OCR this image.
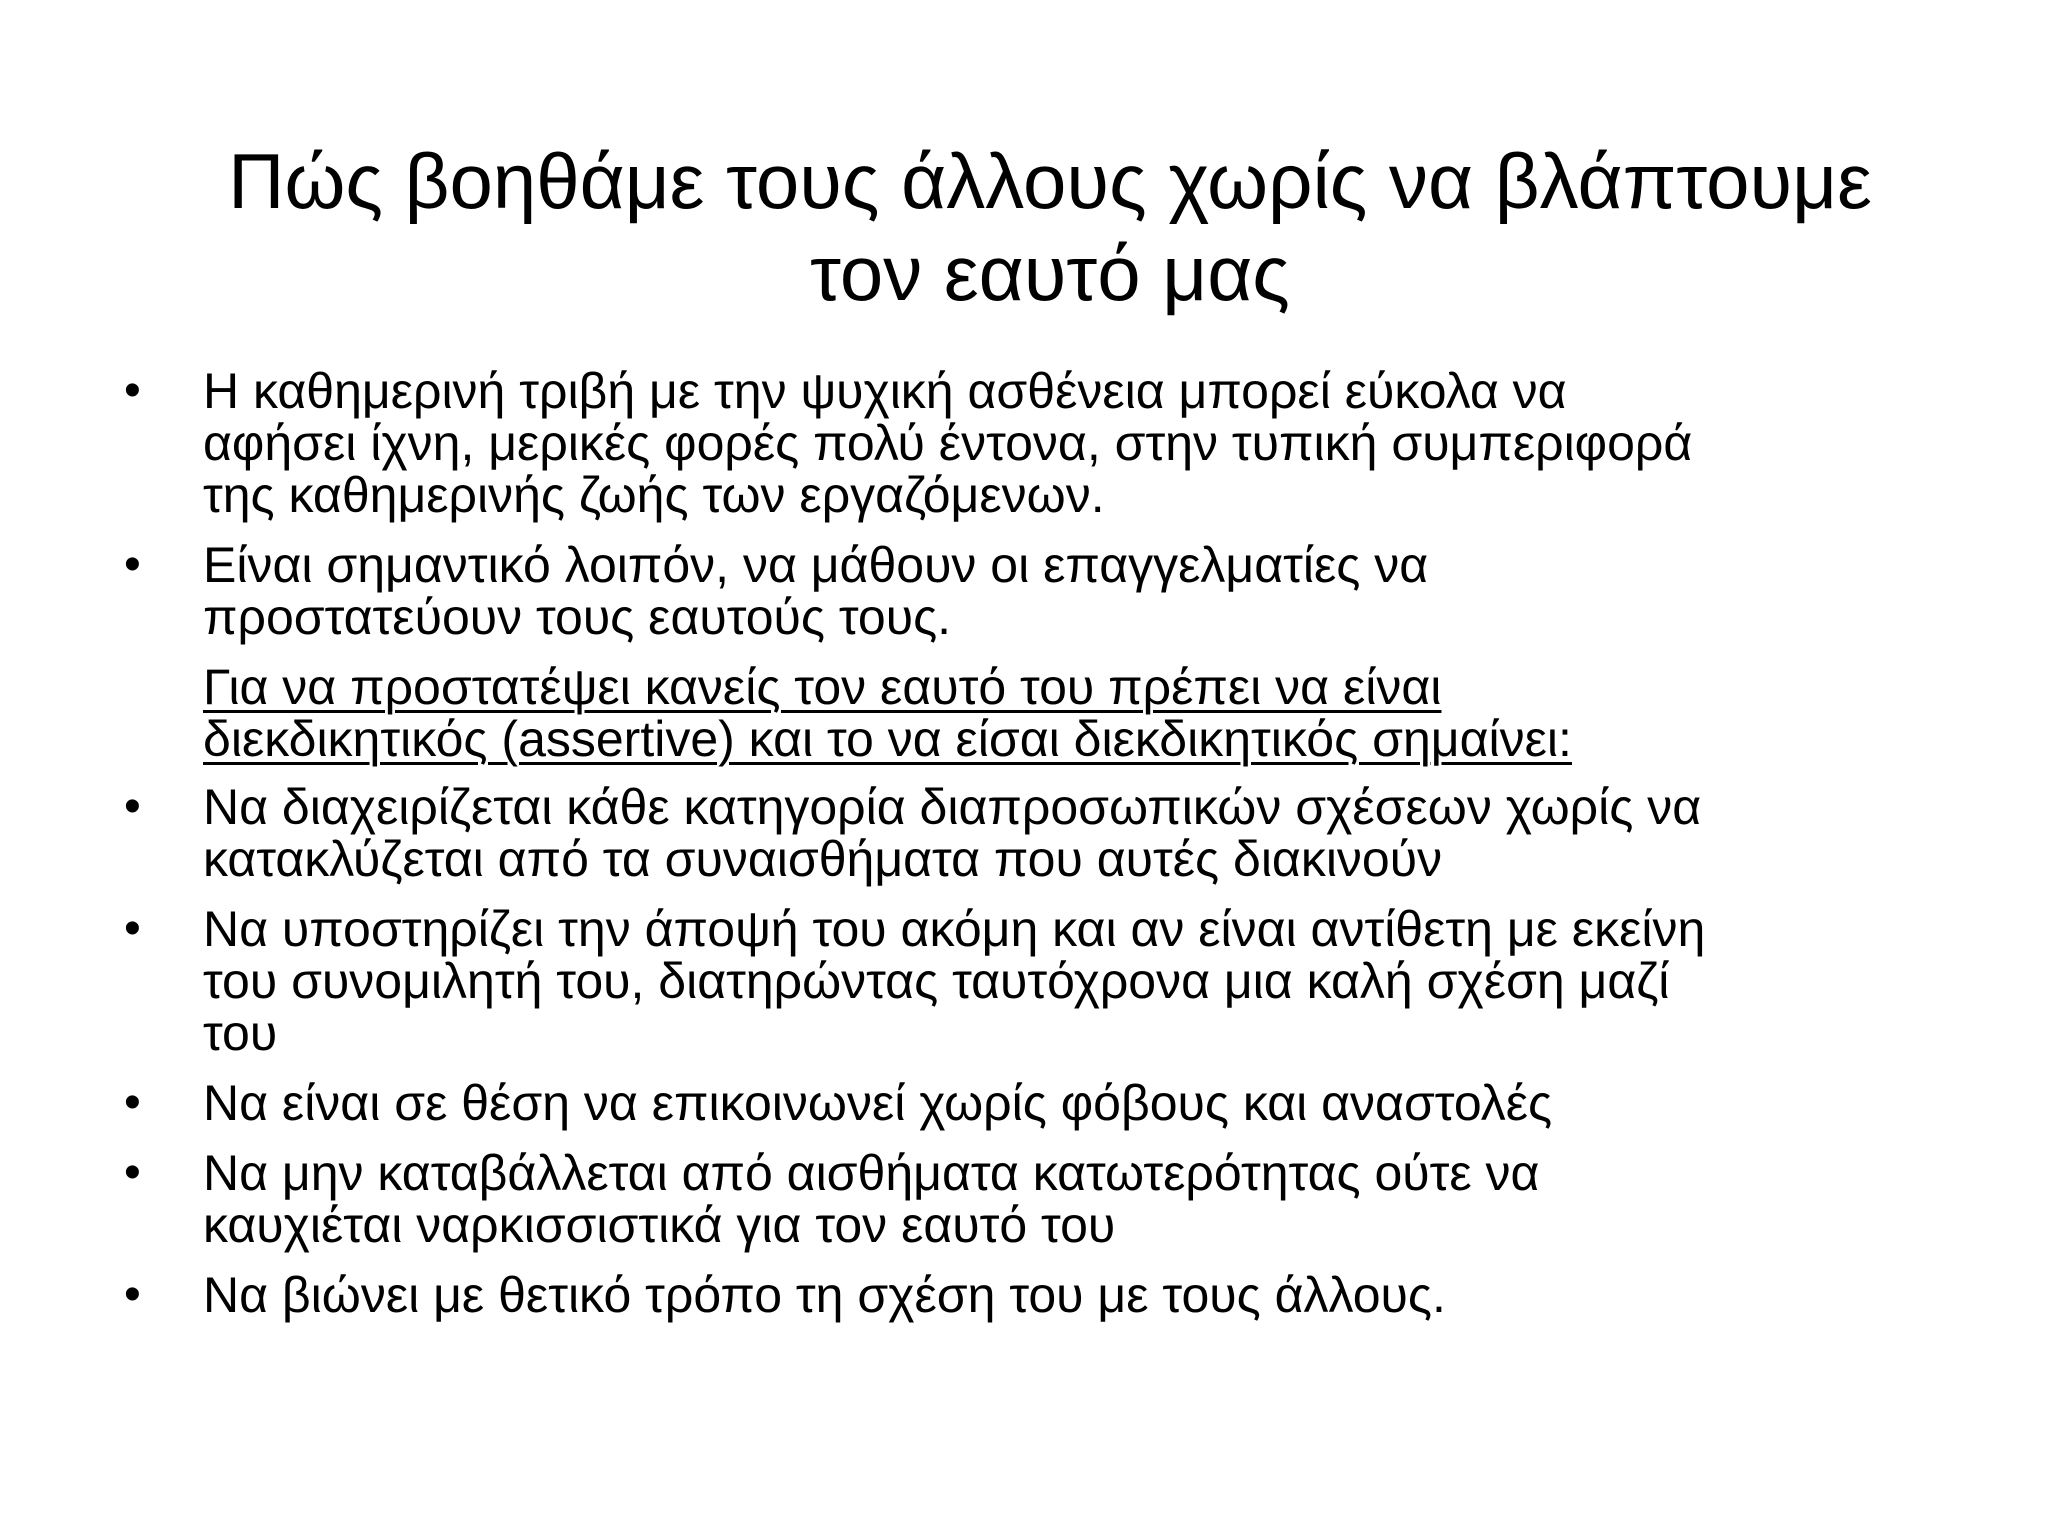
Πώς βοηθάμε τους άλλους χωρίς να βλάπτουμε
τον εαυτό μας
• Η καθημερινή τριβή με την ψυχική ασθένεια μπορεί εύκολα να
αφήσει ίχνη, μερικές φορές πολύ έντονα, στην τυπική συμπεριφορά
της καθημερινής ζωής των εργαζόμενων.
• Είναι σημαντικό λοιπόν, να μάθουν οι επαγγελματίες να
προστατεύουν τους εαυτούς τους.
Για να προστατέψει κανείς τον εαυτό του πρέπει να είναι
διεκδικητικός (assertive) και το να είσαι διεκδικητικός σημαίνει:
• Να διαχειρίζεται κάθε κατηγορία διαπροσωπικών σχέσεων χωρίς να
κατακλύζεται από τα συναισθήματα που αυτές διακινούν
• Να υποστηρίζει την άποψή του ακόμη και αν είναι αντίθετη με εκείνη
του συνομιλητή του, διατηρώντας ταυτόχρονα μια καλή σχέση μαζί
του
• Να είναι σε θέση να επικοινωνεί χωρίς φόβους και αναστολές
• Να μην καταβάλλεται από αισθήματα κατωτερότητας ούτε να
καυχιέται ναρκισσιστικά για τον εαυτό του
• Να βιώνει με θετικό τρόπο τη σχέση του με τους άλλους.
